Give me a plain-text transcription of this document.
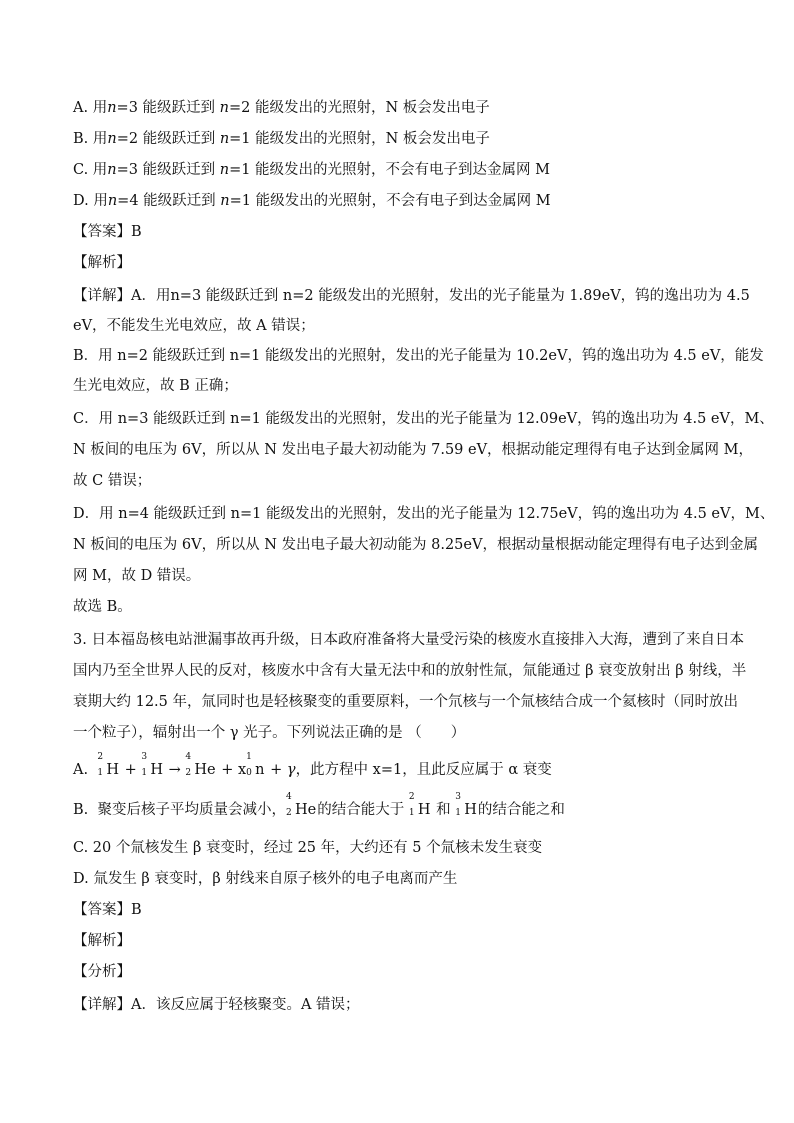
A. 用n=3 能级跃迁到 n=2 能级发出的光照射，N 板会发出电子
B. 用n=2 能级跃迁到 n=1 能级发出的光照射，N 板会发出电子
C. 用n=3 能级跃迁到 n=1 能级发出的光照射，不会有电子到达金属网 M
D. 用n=4 能级跃迁到 n=1 能级发出的光照射，不会有电子到达金属网 M
【答案】B
【解析】
【详解】A．用n=3 能级跃迁到 n=2 能级发出的光照射，发出的光子能量为 1.89eV，钨的逸出功为 4.5
eV，不能发生光电效应，故 A 错误；
B．用 n=2 能级跃迁到 n=1 能级发出的光照射，发出的光子能量为 10.2eV，钨的逸出功为 4.5 eV，能发
生光电效应，故 B 正确；
C．用 n=3 能级跃迁到 n=1 能级发出的光照射，发出的光子能量为 12.09eV，钨的逸出功为 4.5 eV，M、
N 板间的电压为 6V，所以从 N 发出电子最大初动能为 7.59 eV，根据动能定理得有电子达到金属网 M，
故 C 错误；
D．用 n=4 能级跃迁到 n=1 能级发出的光照射，发出的光子能量为 12.75eV，钨的逸出功为 4.5 eV，M、
N 板间的电压为 6V，所以从 N 发出电子最大初动能为 8.25eV，根据动量根据动能定理得有电子达到金属
网 M，故 D 错误。
故选 B。
3. 日本福岛核电站泄漏事故再升级，日本政府准备将大量受污染的核废水直接排入大海，遭到了来自日本
国内乃至全世界人民的反对，核废水中含有大量无法中和的放射性氚，氚能通过 β 衰变放射出 β 射线，半
衰期大约 12.5 年，氚同时也是轻核聚变的重要原料，一个氘核与一个氚核结合成一个氦核时（同时放出
一个粒子），辐射出一个 γ 光子。下列说法正确的是 （　　）
A.
2
1 H +
3
1 H →
4
2 He + x
1
0 n + γ，此方程中 x=1，且此反应属于 α 衰变
B. 聚变后核子平均质量会减小，
4
2 He的结合能大于
2
1 H 和
3
1 H的结合能之和
C. 20 个氚核发生 β 衰变时，经过 25 年，大约还有 5 个氚核未发生衰变
D. 氚发生 β 衰变时，β 射线来自原子核外的电子电离而产生
【答案】B
【解析】
【分析】
【详解】A．该反应属于轻核聚变。A 错误；
